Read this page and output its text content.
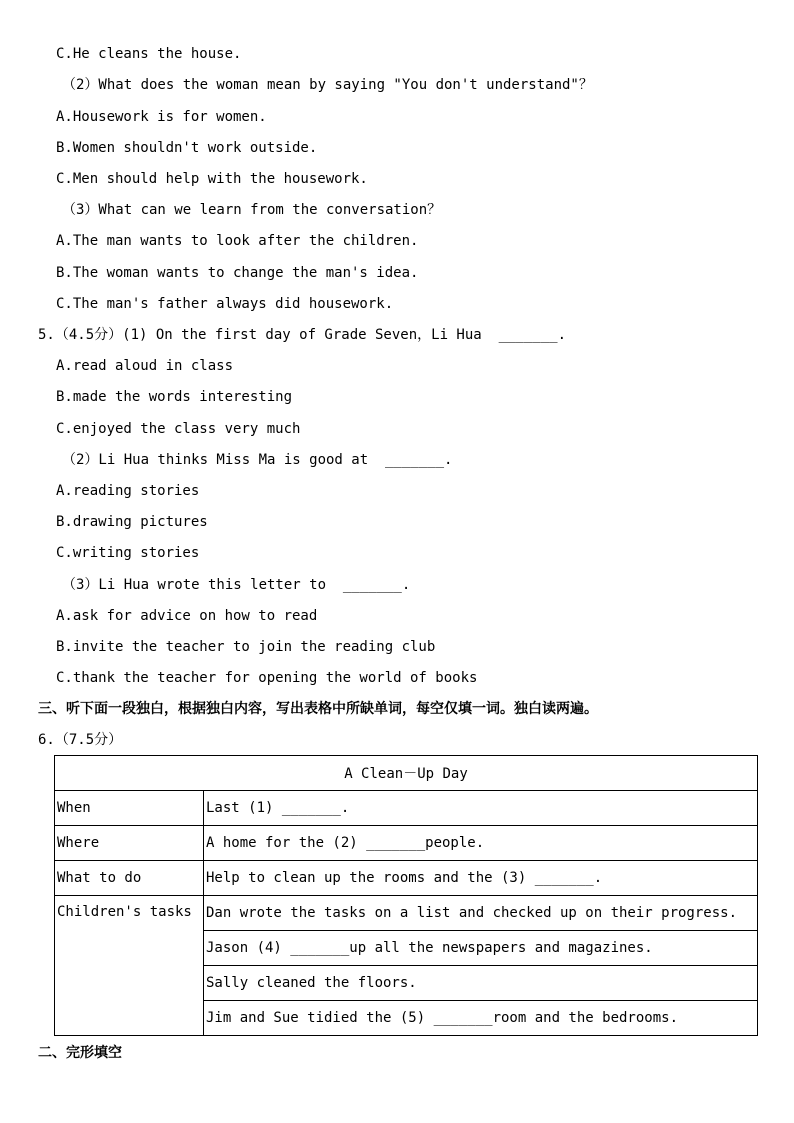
C.He cleans the house.
（2）What does the woman mean by saying "You don't understand"？
A.Housework is for women.
B.Women shouldn't work outside.
C.Men should help with the housework.
（3）What can we learn from the conversation？
A.The man wants to look after the children.
B.The woman wants to change the man's idea.
C.The man's father always did housework.
5.（4.5分）(1) On the first day of Grade Seven，Li Hua  _______.
A.read aloud in class
B.made the words interesting
C.enjoyed the class very much
（2）Li Hua thinks Miss Ma is good at  _______.
A.reading stories
B.drawing pictures
C.writing stories
（3）Li Hua wrote this letter to  _______.
A.ask for advice on how to read
B.invite the teacher to join the reading club
C.thank the teacher for opening the world of books
三、听下面一段独白，根据独白内容，写出表格中所缺单词，每空仅填一词。独白读两遍。
6.（7.5分）
A Clean－Up Day	
When	Last (1) _______.
Where	A home for the (2) _______people.
What to do	Help to clean up the rooms and the (3) _______.
Children's tasks	Dan wrote the tasks on a list and checked up on their progress.
	Jason (4) _______up all the newspapers and magazines.
	Sally cleaned the floors.
	Jim and Sue tidied the (5) _______room and the bedrooms.
二、完形填空
